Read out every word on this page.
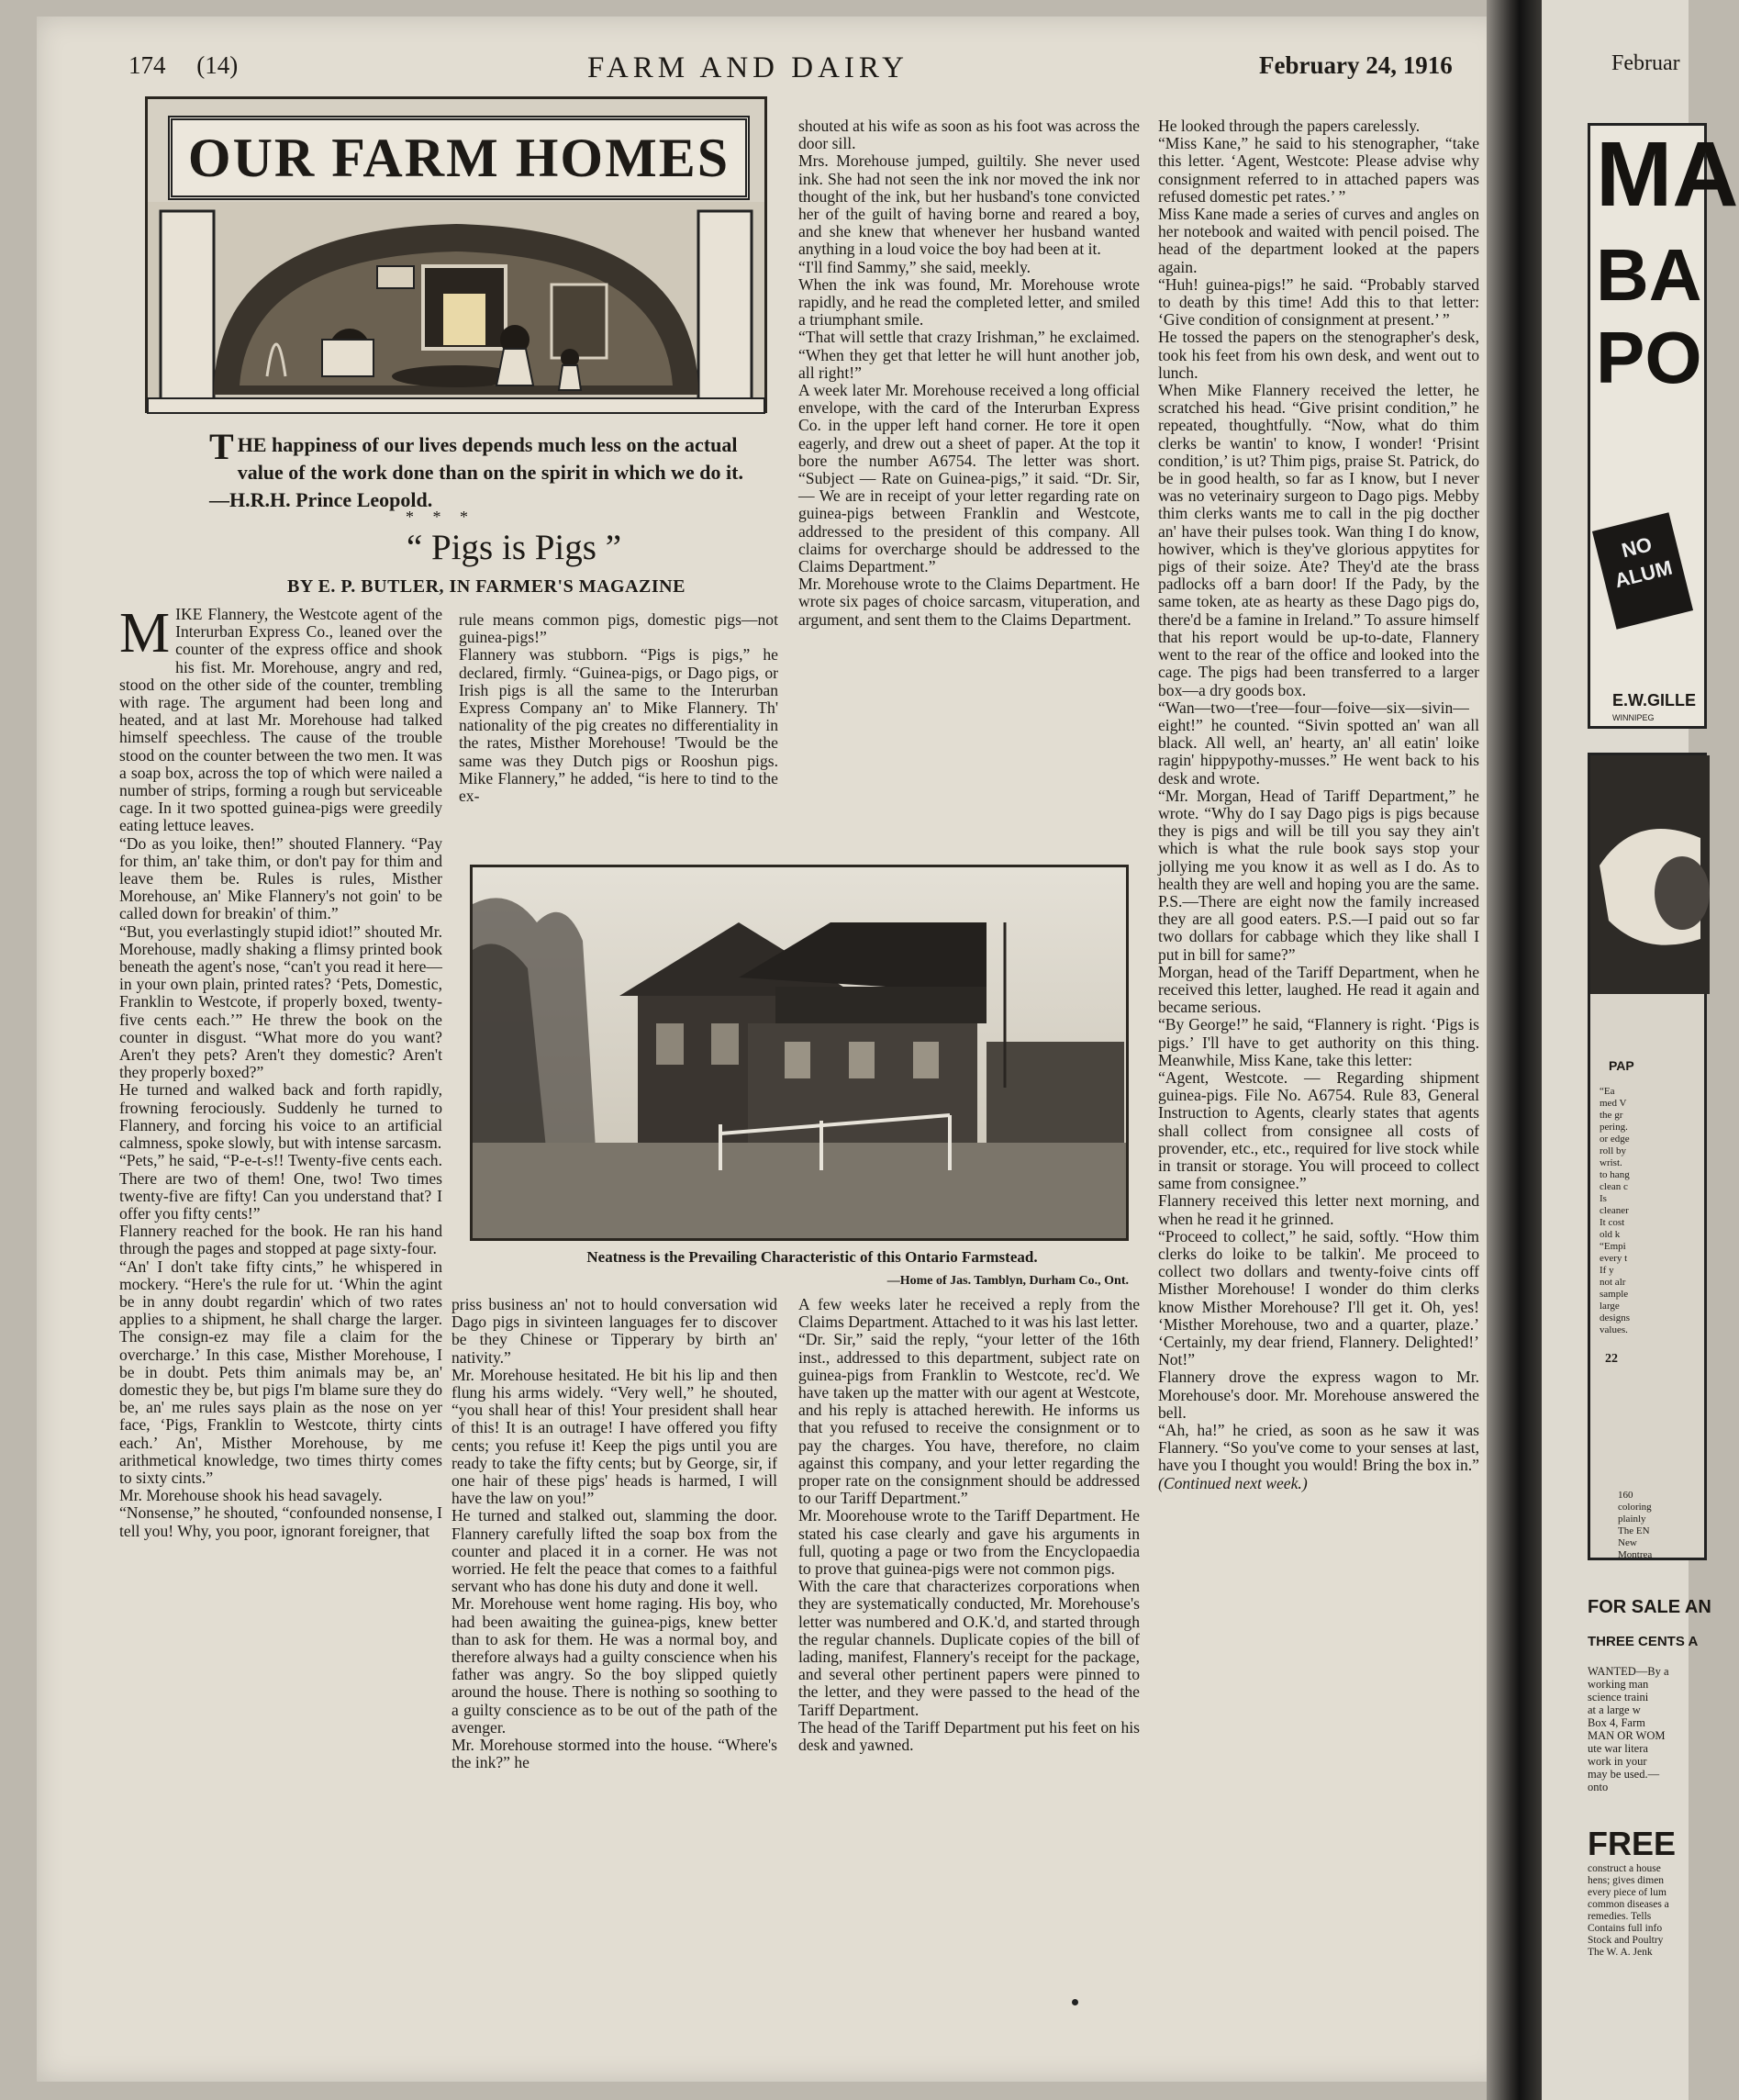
174 (14)	FARM AND DAIRY	February 24, 1916
OUR FARM HOMES
THE happiness of our lives depends much less on the actual value of the work done than on the spirit in which we do it.—H.R.H. Prince Leopold.
* * *
“ Pigs is Pigs ”
BY E. P. BUTLER, IN FARMER'S MAGAZINE
MIKE Flannery, the Westcote agent of the Interurban Express Co., leaned over the counter of the express office and shook his fist. Mr. Morehouse, angry and red, stood on the other side of the counter, trembling with rage. The argument had been long and heated, and at last Mr. Morehouse had talked himself speechless. The cause of the trouble stood on the counter between the two men. It was a soap box, across the top of which were nailed a number of strips, forming a rough but serviceable cage. In it two spotted guinea-pigs were greedily eating lettuce leaves.
“Do as you loike, then!” shouted Flannery. “Pay for thim, an' take thim, or don't pay for thim and leave them be. Rules is rules, Misther Morehouse, an' Mike Flannery's not goin' to be called down for breakin' of thim.”
“But, you everlastingly stupid idiot!” shouted Mr. Morehouse, madly shaking a flimsy printed book beneath the agent's nose, “can't you read it here—in your own plain, printed rates? ‘Pets, Domestic, Franklin to Westcote, if properly boxed, twenty-five cents each.’” He threw the book on the counter in disgust. “What more do you want? Aren't they pets? Aren't they domestic? Aren't they properly boxed?”
He turned and walked back and forth rapidly, frowning ferociously. Suddenly he turned to Flannery, and forcing his voice to an artificial calmness, spoke slowly, but with intense sarcasm.
“Pets,” he said, “P-e-t-s!! Twenty-five cents each. There are two of them! One, two! Two times twenty-five are fifty! Can you understand that? I offer you fifty cents!”
Flannery reached for the book. He ran his hand through the pages and stopped at page sixty-four.
“An' I don't take fifty cints,” he whispered in mockery. “Here's the rule for ut. ‘Whin the agint be in anny doubt regardin' which of two rates applies to a shipment, he shall charge the larger. The consign-ez may file a claim for the overcharge.’ In this case, Misther Morehouse, I be in doubt. Pets thim animals may be, an' domestic they be, but pigs I'm blame sure they do be, an' me rules says plain as the nose on yer face, ‘Pigs, Franklin to Westcote, thirty cints each.’ An', Misther Morehouse, by me arithmetical knowledge, two times thirty comes to sixty cints.”
Mr. Morehouse shook his head savagely.
“Nonsense,” he shouted, “confounded nonsense, I tell you! Why, you poor, ignorant foreigner, that
rule means common pigs, domestic pigs—not guinea-pigs!”
Flannery was stubborn. “Pigs is pigs,” he declared, firmly. “Guinea-pigs, or Dago pigs, or Irish pigs is all the same to the Interurban Express Company an' to Mike Flannery. Th' nationality of the pig creates no differentiality in the rates, Misther Morehouse! 'Twould be the same was they Dutch pigs or Rooshun pigs. Mike Flannery,” he added, “is here to tind to the ex-
shouted at his wife as soon as his foot was across the door sill.
Mrs. Morehouse jumped, guiltily. She never used ink. She had not seen the ink nor moved the ink nor thought of the ink, but her husband's tone convicted her of the guilt of having borne and reared a boy, and she knew that whenever her husband wanted anything in a loud voice the boy had been at it.
“I'll find Sammy,” she said, meekly.
When the ink was found, Mr. Morehouse wrote rapidly, and he read the completed letter, and smiled a triumphant smile.
“That will settle that crazy Irishman,” he exclaimed. “When they get that letter he will hunt another job, all right!”
A week later Mr. Morehouse received a long official envelope, with the card of the Interurban Express Co. in the upper left hand corner. He tore it open eagerly, and drew out a sheet of paper. At the top it bore the number A6754. The letter was short. “Subject — Rate on Guinea-pigs,” it said. “Dr. Sir,— We are in receipt of your letter regarding rate on guinea-pigs between Franklin and Westcote, addressed to the president of this company. All claims for overcharge should be addressed to the Claims Department.”
Mr. Morehouse wrote to the Claims Department. He wrote six pages of choice sarcasm, vituperation, and argument, and sent them to the Claims Department.
Neatness is the Prevailing Characteristic of this Ontario Farmstead.
—Home of Jas. Tamblyn, Durham Co., Ont.
priss business an' not to hould conversation wid Dago pigs in sivinteen languages fer to discover be they Chinese or Tipperary by birth an' nativity.”
Mr. Morehouse hesitated. He bit his lip and then flung his arms widely. “Very well,” he shouted, “you shall hear of this! Your president shall hear of this! It is an outrage! I have offered you fifty cents; you refuse it! Keep the pigs until you are ready to take the fifty cents; but by George, sir, if one hair of these pigs' heads is harmed, I will have the law on you!”
He turned and stalked out, slamming the door. Flannery carefully lifted the soap box from the counter and placed it in a corner. He was not worried. He felt the peace that comes to a faithful servant who has done his duty and done it well.
Mr. Morehouse went home raging. His boy, who had been awaiting the guinea-pigs, knew better than to ask for them. He was a normal boy, and therefore always had a guilty conscience when his father was angry. So the boy slipped quietly around the house. There is nothing so soothing to a guilty conscience as to be out of the path of the avenger.
Mr. Morehouse stormed into the house. “Where's the ink?” he
A few weeks later he received a reply from the Claims Department. Attached to it was his last letter.
“Dr. Sir,” said the reply, “your letter of the 16th inst., addressed to this department, subject rate on guinea-pigs from Franklin to Westcote, rec'd. We have taken up the matter with our agent at Westcote, and his reply is attached herewith. He informs us that you refused to receive the consignment or to pay the charges. You have, therefore, no claim against this company, and your letter regarding the proper rate on the consignment should be addressed to our Tariff Department.”
Mr. Moorehouse wrote to the Tariff Department. He stated his case clearly and gave his arguments in full, quoting a page or two from the Encyclopaedia to prove that guinea-pigs were not common pigs.
With the care that characterizes corporations when they are systematically conducted, Mr. Morehouse's letter was numbered and O.K.'d, and started through the regular channels. Duplicate copies of the bill of lading, manifest, Flannery's receipt for the package, and several other pertinent papers were pinned to the letter, and they were passed to the head of the Tariff Department.
The head of the Tariff Department put his feet on his desk and yawned.
He looked through the papers carelessly.
“Miss Kane,” he said to his stenographer, “take this letter. ‘Agent, Westcote: Please advise why consignment referred to in attached papers was refused domestic pet rates.’ ”
Miss Kane made a series of curves and angles on her notebook and waited with pencil poised. The head of the department looked at the papers again.
“Huh! guinea-pigs!” he said. “Probably starved to death by this time! Add this to that letter: ‘Give condition of consignment at present.’ ”
He tossed the papers on the stenographer's desk, took his feet from his own desk, and went out to lunch.
When Mike Flannery received the letter, he scratched his head. “Give prisint condition,” he repeated, thoughtfully. “Now, what do thim clerks be wantin' to know, I wonder! ‘Prisint condition,’ is ut? Thim pigs, praise St. Patrick, do be in good health, so far as I know, but I never was no veterinairy surgeon to Dago pigs. Mebby thim clerks wants me to call in the pig docther an' have their pulses took. Wan thing I do know, howiver, which is they've glorious appytites for pigs of their soize. Ate? They'd ate the brass padlocks off a barn door! If the Pady, by the same token, ate as hearty as these Dago pigs do, there'd be a famine in Ireland.” To assure himself that his report would be up-to-date, Flannery went to the rear of the office and looked into the cage. The pigs had been transferred to a larger box—a dry goods box.
“Wan—two—t'ree—four—foive—six—sivin—eight!” he counted. “Sivin spotted an' wan all black. All well, an' hearty, an' all eatin' loike ragin' hippypothy-musses.” He went back to his desk and wrote.
“Mr. Morgan, Head of Tariff Department,” he wrote. “Why do I say Dago pigs is pigs because they is pigs and will be till you say they ain't which is what the rule book says stop your jollying me you know it as well as I do. As to health they are well and hoping you are the same. P.S.—There are eight now the family increased they are all good eaters. P.S.—I paid out so far two dollars for cabbage which they like shall I put in bill for same?”
Morgan, head of the Tariff Department, when he received this letter, laughed. He read it again and became serious.
“By George!” he said, “Flannery is right. ‘Pigs is pigs.’ I'll have to get authority on this thing. Meanwhile, Miss Kane, take this letter:
“Agent, Westcote. — Regarding shipment guinea-pigs. File No. A6754. Rule 83, General Instruction to Agents, clearly states that agents shall collect from consignee all costs of provender, etc., etc., required for live stock while in transit or storage. You will proceed to collect same from consignee.”
Flannery received this letter next morning, and when he read it he grinned.
“Proceed to collect,” he said, softly. “How thim clerks do loike to be talkin'. Me proceed to collect two dollars and twenty-foive cints off Misther Morehouse! I wonder do thim clerks know Misther Morehouse? I'll get it. Oh, yes! ‘Misther Morehouse, two and a quarter, plaze.’ ‘Certainly, my dear friend, Flannery. Delighted!’ Not!”
Flannery drove the express wagon to Mr. Morehouse's door. Mr. Morehouse answered the bell.
“Ah, ha!” he cried, as soon as he saw it was Flannery. “So you've come to your senses at last, have you I thought you would! Bring the box in.” (Continued next week.)
Februar
MA
BA
PO
NO ALUM
E.W.GILLE
WINNIPEG
PAP
“Ea
med V
the gr
pering.
or edge
roll by
wrist.
to hang
clean c
Is
cleaner
It cost
old k
“Empi
every t
If y
not alr
sample
large
designs
values.
22
160
coloring
plainly
The EN
New
Montrea
FOR SALE AN
THREE CENTS A
WANTED—By a
working man
science traini
at a large w
Box 4, Farm
MAN OR WOM
ute war litera
work in your
may be used.—
onto
FREE
construct a house
hens; gives dimen
every piece of lum
common diseases a
remedies. Tells
Contains full info
Stock and Poultry
The W. A. Jenk
